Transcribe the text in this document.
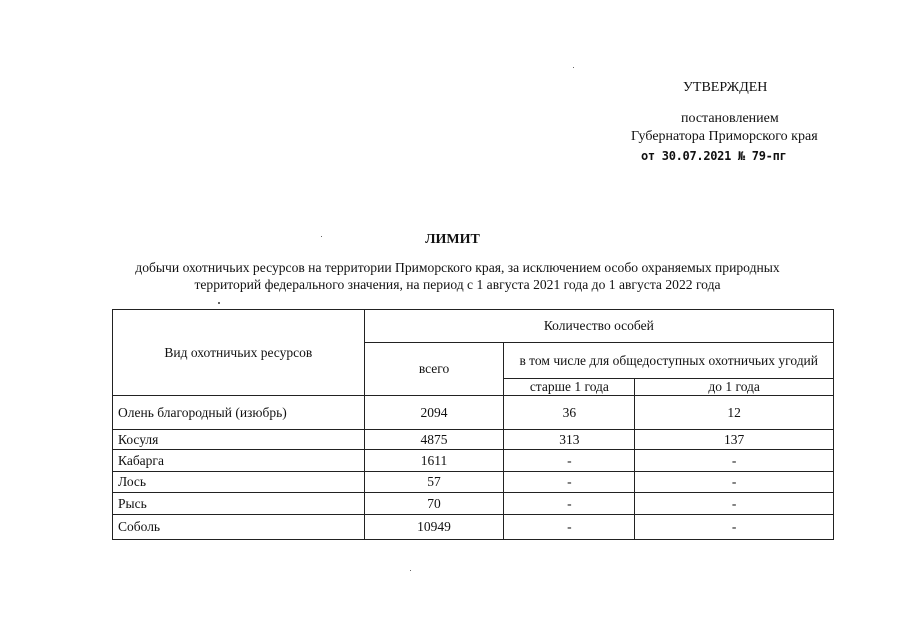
УТВЕРЖДЕН
постановлением
Губернатора Приморского края
от 30.07.2021 № 79-пг
ЛИМИТ
добычи охотничьих ресурсов на территории Приморского края, за исключением особо охраняемых природных
территорий федерального значения, на период с 1 августа 2021 года до 1 августа 2022 года
Вид охотничьих ресурсов	Количество особей		
	всего	в том числе для общедоступных охотничьих угодий	
		старше 1 года	до 1 года
Олень благородный (изюбрь)	2094	36	12
Косуля	4875	313	137
Кабарга	1611	-	-
Лось	57	-	-
Рысь	70	-	-
Соболь	10949	-	-
